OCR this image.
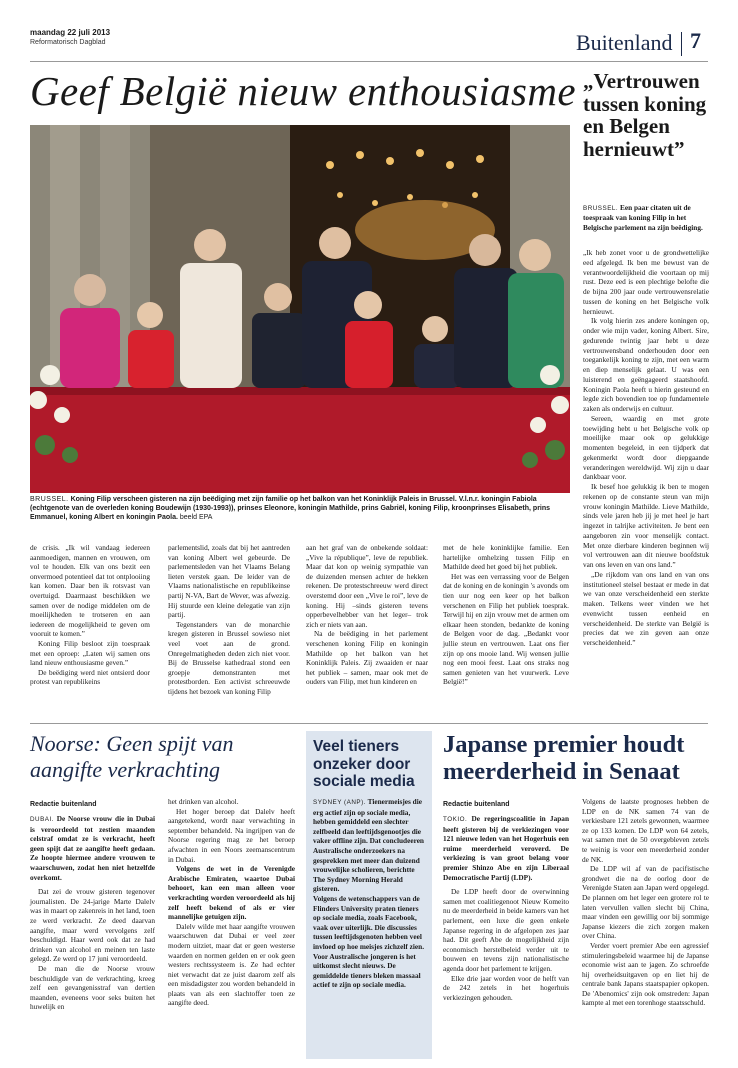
maandag 22 juli 2013
Reformatorisch Dagblad	Buitenland 7
Geef België nieuw enthousiasme
BRUSSEL. Koning Filip verscheen gisteren na zijn beëdiging met zijn familie op het balkon van het Koninklijk Paleis in Brussel. V.l.n.r. koningin Fabiola (echtgenote van de overleden koning Boudewijn (1930-1993)), prinses Eleonore, koningin Mathilde, prins Gabriël, koning Filip, kroonprinses Elisabeth, prins Emmanuel, koning Albert en koningin Paola. beeld EPA
„Vertrouwen tussen koning en Belgen hernieuwt”
BRUSSEL. Een paar citaten uit de toespraak van koning Filip in het Belgische parlement na zijn beëdiging.

„Ik heb zonet voor u de grondwettelijke eed afgelegd. Ik ben me bewust van de verantwoordelijkheid die voortaan op mij rust. Deze eed is een plechtige belofte die de bijna 200 jaar oude vertrouwensrelatie tussen de koning en het Belgische volk hernieuwt.

Ik volg hierin zes andere koningen op, onder wie mijn vader, koning Albert. Sire, gedurende twintig jaar hebt u deze vertrouwensband onderhouden door een toegankelijk koning te zijn, met een warm en diep menselijk gelaat. U was een luisterend en geëngageerd staatshoofd. Koningin Paola heeft u hierin gesteund en legde zich bovendien toe op fundamentele zaken als onderwijs en cultuur.

Sereen, waardig en met grote toewijding hebt u het Belgische volk op moeilijke maar ook op gelukkige momenten begeleid, in een tijdperk dat gekenmerkt wordt door diepgaande veranderingen wereldwijd. Wij zijn u daar dankbaar voor.

Ik besef hoe gelukkig ik ben te mogen rekenen op de constante steun van mijn vrouw koningin Mathilde. Lieve Mathilde, sinds vele jaren heb jij je met heel je hart ingezet in talrijke activiteiten. Je bent een aangeboren zin voor menselijk contact. Met onze dierbare kinderen beginnen wij vol vertrouwen aan dit nieuwe boofdstuk van ons leven en van ons land.”

„De rijkdom van ons land en van ons institutioneel stelsel bestaat er mede in dat we van onze verscheidenheid een sterkte maken. Telkens weer vinden we het evenwicht tussen eenheid en verscheidenheid. De sterkte van België is precies dat we zin geven aan onze verscheidenheid.”

de crisis. „Ik wil vandaag iedereen aanmoedigen, mannen en vrouwen, om vol te houden. Elk van ons bezit een onvermoed potentieel dat tot ontplooiing kan komen. Daar ben ik rotsvast van overtuigd. Daarmaast beschikken we samen over de nodige middelen om de moeilijkheden te trotseren en aan iedereen de mogelijkheid te geven om vooruit te komen.”

Koning Filip besloot zijn toespraak met een oproep: „Laten wij samen ons land nieuw enthousiasme geven.”

De beëdiging werd niet ontsierd door protest van republikeins

parlementslid, zoals dat bij het aantreden van koning Albert wel gebeurde. De parlementsleden van het Vlaams Belang lieten verstek gaan. De leider van de Vlaams nationalistische en republikeinse partij N-VA, Bart de Wever, was afwezig. Hij stuurde een kleine delegatie van zijn partij.

Tegenstanders van de monarchie kregen gisteren in Brussel sowieso niet veel voet aan de grond. Onregelmatigheden deden zich niet voor. Bij de Brusselse kathedraal stond een groepje demonstranten met protestborden. Een activist schreeuwde tijdens het bezoek van koning Filip

aan het graf van de onbekende soldaat: „Vive la république”, leve de republiek. Maar dat kon op weinig sympathie van de duizenden mensen achter de hekken rekenen. De protestschreeuw werd direct overstemd door een „Vive le roi”, leve de koning. Hij –sinds gisteren tevens opperbevelhebber van het leger– trok zich er niets van aan.

Na de beëdiging in het parlement verschenen koning Filip en koningin Mathilde op het balkon van het Koninklijk Paleis. Zij zwaaiden er naar het publiek – samen, maar ook met de ouders van Filip, met hun kinderen en

met de hele koninklijke familie. Een hartelijke omhelzing tussen Filip en Mathilde deed het goed bij het publiek.

Het was een verrassing voor de Belgen dat de koning en de koningin 's avonds om tien uur nog een keer op het balkon verschenen en Filip het publiek toesprak. Terwijl hij en zijn vrouw met de armen om elkaar heen stonden, bedankte de koning de Belgen voor de dag. „Bedankt voor jullie steun en vertrouwen. Laat ons fier zijn op ons mooie land. Wij wensen jullie nog een mooi feest. Laat ons straks nog samen genieten van het vuurwerk. Leve België!”

Noorse: Geen spijt van aangifte verkrachting
Redactie buitenland

DUBAI. De Noorse vrouw die in Dubai is veroordeeld tot zestien maanden celstraf omdat ze is verkracht, heeft geen spijt dat ze aangifte heeft gedaan. Ze hoopte hiermee andere vrouwen te waarschuwen, zodat hen niet hetzelfde overkomt.

Dat zei de vrouw gisteren tegenover journalisten. De 24-jarige Marte Dalelv was in maart op zakenreis in het land, toen ze werd verkracht. Ze deed daarvan aangifte, maar werd vervolgens zelf beschuldigd. Haar werd ook dat ze had drinken van alcohol en meinen ten laste gelegd. Ze werd op 17 juni veroordeeld.

De man die de Noorse vrouw beschuldigde van de verkrachting, kreeg zelf een gevangenisstraf van dertien maanden, eveneens voor seks buiten het huwelijk en

het drinken van alcohol.

Het hoger beroep dat Dalelv heeft aangetekend, wordt naar verwachting in september behandeld. Na ingrijpen van de Noorse regering mag ze het beroep afwachten in een Noors zeemanscentrum in Dubai.

Volgens de wet in de Verenigde Arabische Emiraten, waartoe Dubai behoort, kan een man alleen voor verkrachting worden veroordeeld als hij zelf heeft bekend of als er vier mannelijke getuigen zijn.

Dalelv wilde met haar aangifte vrouwen waarschuwen dat Dubai er veel zeer modern uitziet, maar dat er geen westerse waarden en normen gelden en er ook geen westers rechtssysteem is. Ze had echter niet verwacht dat ze juist daarom zelf als een misdadigster zou worden behandeld in plaats van als een slachtoffer toen ze aangifte deed.

Veel tieners onzeker door sociale media

SYDNEY (ANP). Tienermeisjes die erg actief zijn op sociale media, hebben gemiddeld een slechter zelfbeeld dan leeftijdsgenootjes die vaker offline zijn. Dat concludeeren Australische onderzoekers na gesprekken met meer dan duizend vrouwelijke scholieren, berichtte The Sydney Morning Herald gisteren.

Volgens de wetenschappers van de Flinders University praten tieners op sociale media, zoals Facebook, vaak over uiterlijk. Die discussies tussen leeftijdsgenoten hebben veel invloed op hoe meisjes zichzelf zien.

Voor Australische jongeren is het uitkomst slecht nieuws. De gemiddelde tieners bleken massaal actief te zijn op sociale media.

Japanse premier houdt meerderheid in Senaat
Redactie buitenland

TOKIO. De regeringscoalitie in Japan heeft gisteren bij de verkiezingen voor 121 nieuwe leden van het Hogerhuis een ruime meerderheid veroverd. De verkiezing is van groot belang voor premier Shinzo Abe en zijn Liberaal Democratische Partij (LDP).

De LDP heeft door de overwinning samen met coalitiegenoot Nieuw Komeito nu de meerderheid in beide kamers van het parlement, een luxe die geen enkele Japanse regering in de afgelopen zes jaar had. Dit geeft Abe de mogelijkheid zijn economisch herstelbeleid verder uit te bouwen en tevens zijn nationalistische agenda door het parlement te krijgen.

Elke drie jaar worden voor de helft van de 242 zetels in het hogerhuis verkiezingen gehouden.

Volgens de laatste prognoses hebben de LDP en de NK samen 74 van de verkiesbare 121 zetels gewonnen, waarmee ze op 133 komen. De LDP won 64 zetels, wat samen met de 50 overgebleven zetels te weinig is voor een meerderheid zonder de NK.

De LDP wil af van de pacifistische grondwet die na de oorlog door de Verenigde Staten aan Japan werd opgelegd. De plannen om het leger een grotere rol te laten vervullen vallen slecht bij China, maar vinden een gewillig oor bij sommige Japanse kiezers die zich zorgen maken over China.

Verder voert premier Abe een agressief stimuleringsbeleid waarmee hij de Japanse economie wist aan te jagen. Zo schroefde hij overheidsuitgaven op en liet hij de centrale bank Japans staatspapier opkopen. De 'Abenomics' zijn ook omstreden: Japan kampte al met een torenhoge staatsschuld.
